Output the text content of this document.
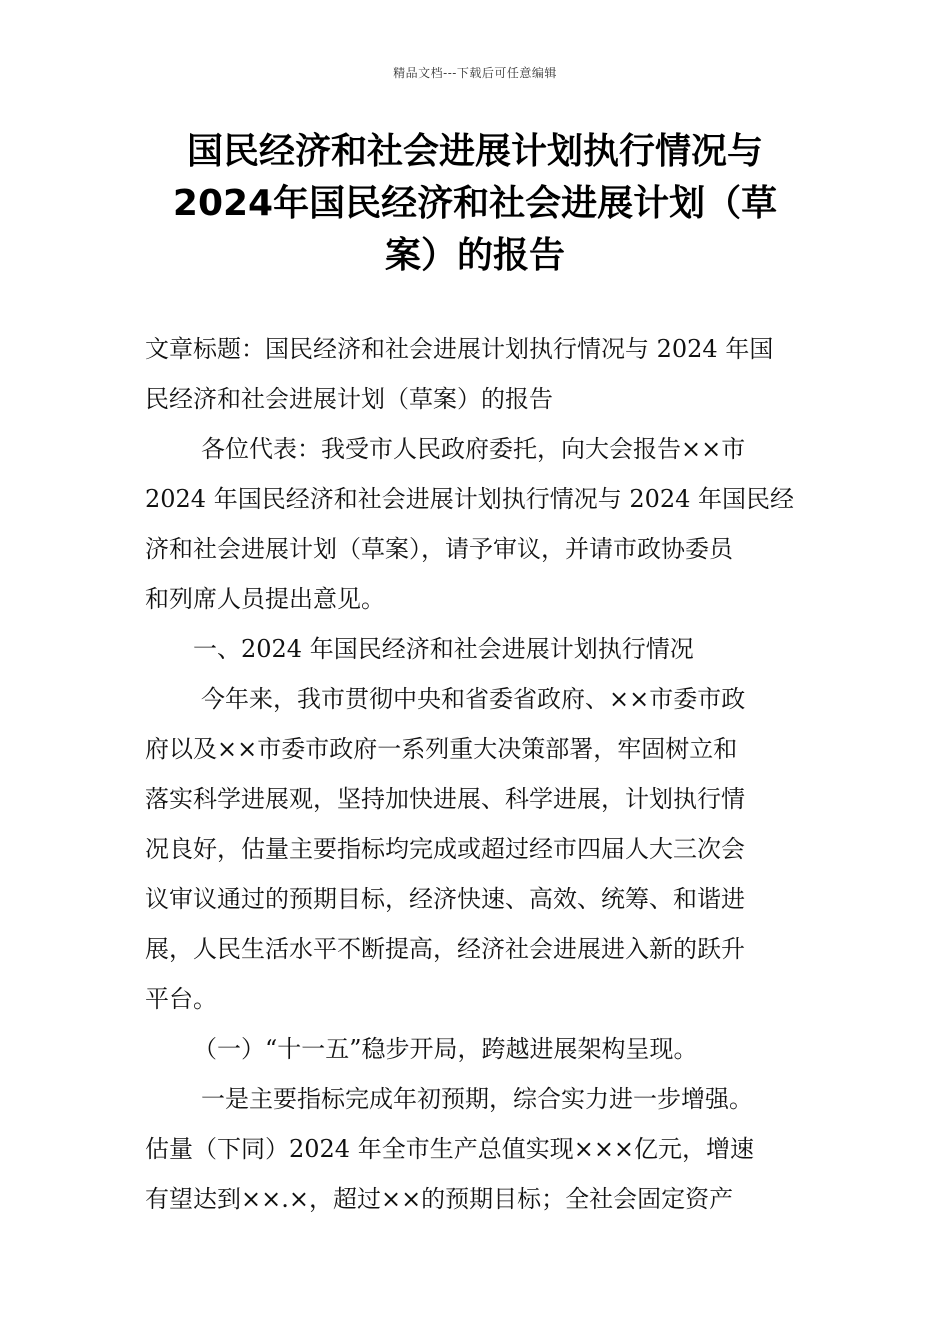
精品文档---下载后可任意编辑
国民经济和社会进展计划执行情况与
2024年国民经济和社会进展计划（草
案）的报告

文章标题：国民经济和社会进展计划执行情况与 2024 年国
民经济和社会进展计划（草案）的报告

各位代表：我受市人民政府委托，向大会报告××市
2024 年国民经济和社会进展计划执行情况与 2024 年国民经
济和社会进展计划（草案），请予审议，并请市政协委员
和列席人员提出意见。

一、2024 年国民经济和社会进展计划执行情况

今年来，我市贯彻中央和省委省政府、××市委市政
府以及××市委市政府一系列重大决策部署，牢固树立和
落实科学进展观，坚持加快进展、科学进展，计划执行情
况良好，估量主要指标均完成或超过经市四届人大三次会
议审议通过的预期目标，经济快速、高效、统筹、和谐进
展，人民生活水平不断提高，经济社会进展进入新的跃升
平台。

（一）“十一五”稳步开局，跨越进展架构呈现。

一是主要指标完成年初预期，综合实力进一步增强。
估量（下同）2024 年全市生产总值实现×××亿元，增速
有望达到××.×，超过××的预期目标；全社会固定资产
